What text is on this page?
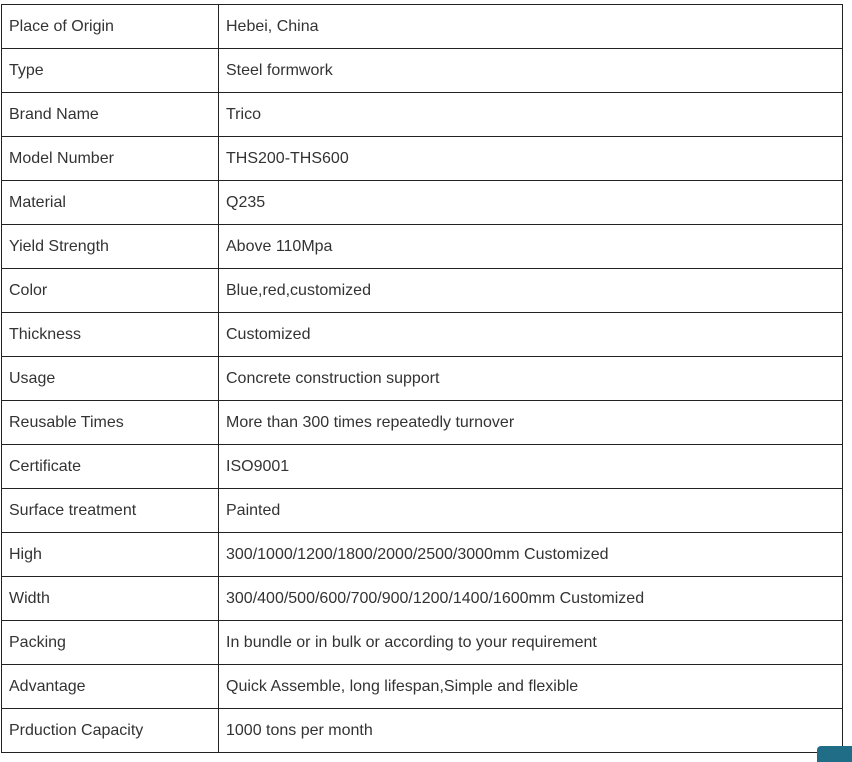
Place of Origin	Hebei, China
Type	Steel formwork
Brand Name	Trico
Model Number	THS200-THS600
Material	Q235
Yield Strength	Above 110Mpa
Color	Blue,red,customized
Thickness	Customized
Usage	Concrete construction support
Reusable Times	More than 300 times repeatedly turnover
Certificate	ISO9001
Surface treatment	Painted
High	300/1000/1200/1800/2000/2500/3000mm Customized
Width	300/400/500/600/700/900/1200/1400/1600mm Customized
Packing	In bundle or in bulk or according to your requirement
Advantage	Quick Assemble, long lifespan,Simple and flexible
Prduction Capacity	1000 tons per month
